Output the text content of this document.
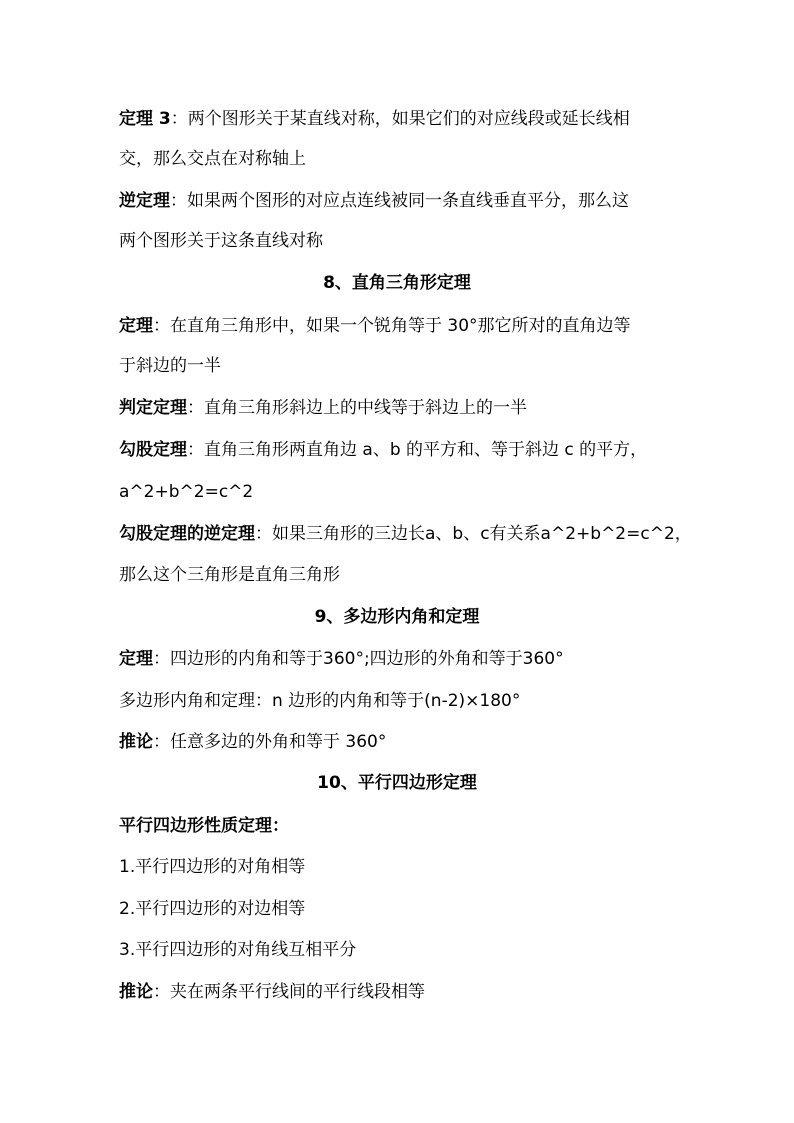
定理 3：两个图形关于某直线对称，如果它们的对应线段或延长线相
交，那么交点在对称轴上
逆定理：如果两个图形的对应点连线被同一条直线垂直平分，那么这
两个图形关于这条直线对称
8、直角三角形定理
定理：在直角三角形中，如果一个锐角等于 30°那它所对的直角边等
于斜边的一半
判定定理：直角三角形斜边上的中线等于斜边上的一半
勾股定理：直角三角形两直角边 a、b 的平方和、等于斜边 c 的平方，
a^2+b^2=c^2
勾股定理的逆定理：如果三角形的三边长a、b、c有关系a^2+b^2=c^2，
那么这个三角形是直角三角形
9、多边形内角和定理
定理：四边形的内角和等于360°;四边形的外角和等于360°
多边形内角和定理：n 边形的内角和等于(n-2)×180°
推论：任意多边的外角和等于 360°
10、平行四边形定理
平行四边形性质定理：
1.平行四边形的对角相等
2.平行四边形的对边相等
3.平行四边形的对角线互相平分
推论：夹在两条平行线间的平行线段相等
